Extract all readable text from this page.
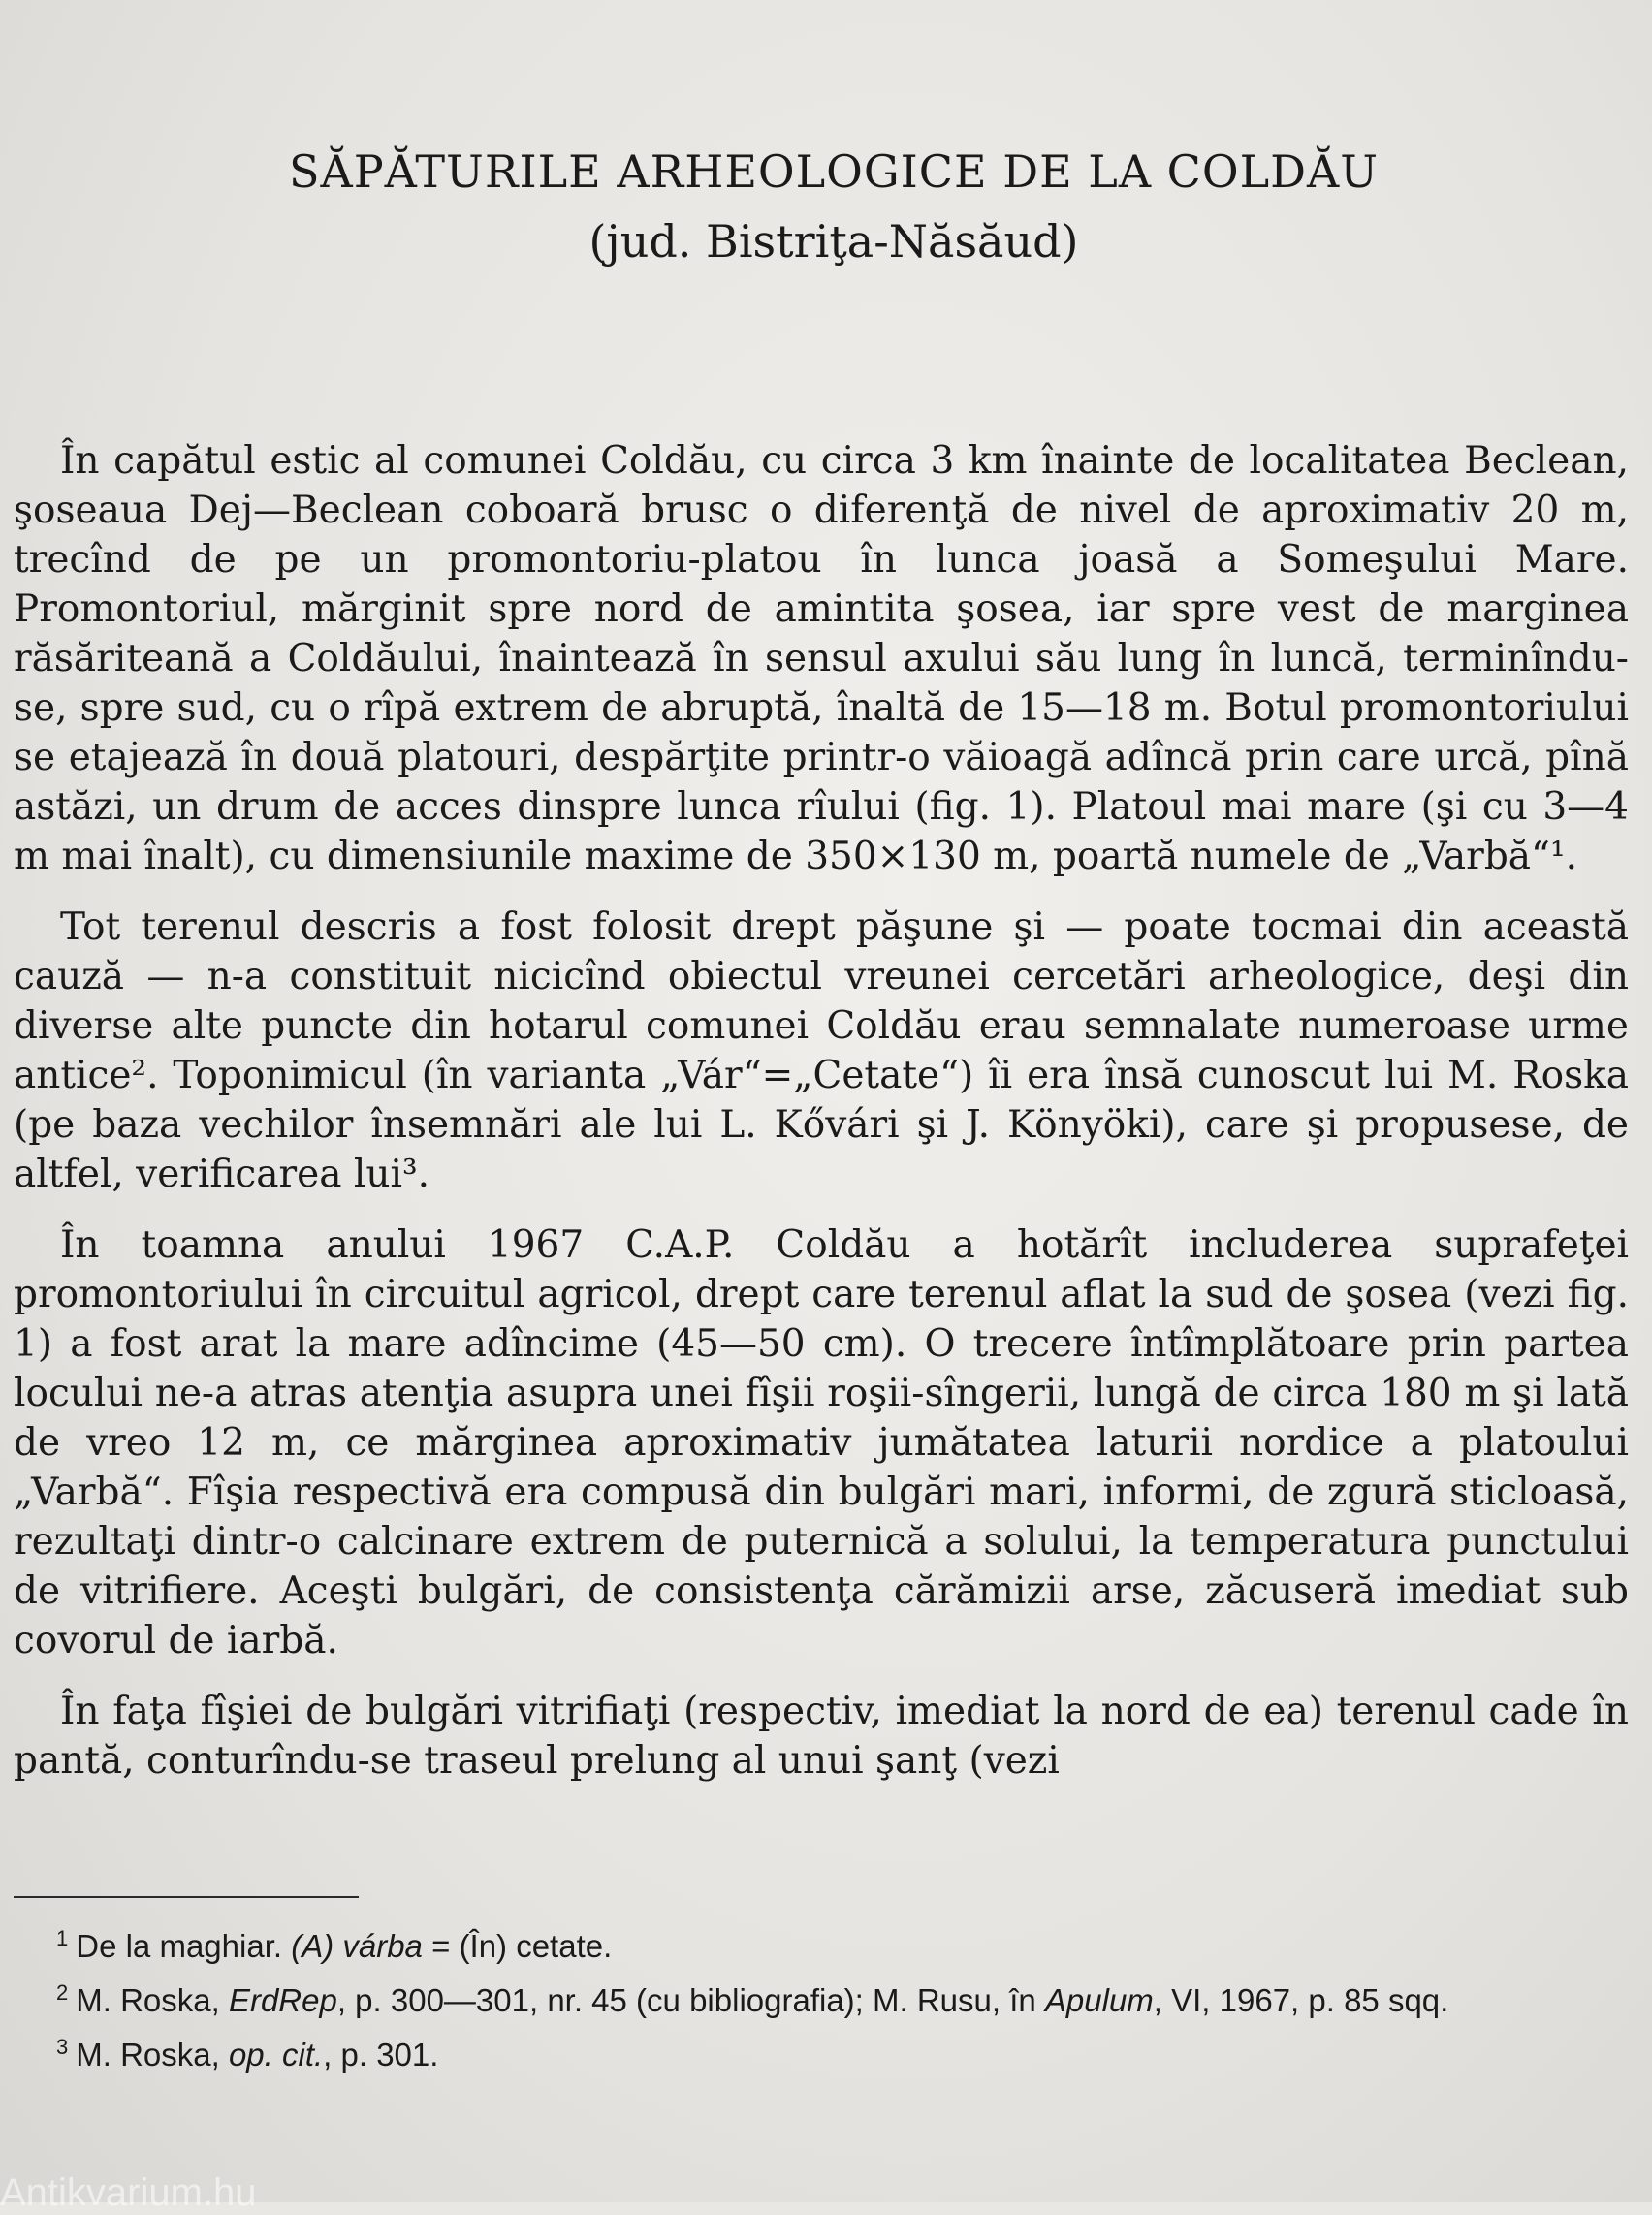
SĂPĂTURILE ARHEOLOGICE DE LA COLDĂU
(jud. Bistriţa-Năsăud)

În capătul estic al comunei Coldău, cu circa 3 km înainte de localitatea Beclean, şoseaua Dej—Beclean coboară brusc o diferenţă de nivel de aproximativ 20 m, trecînd de pe un promontoriu-platou în lunca joasă a Someşului Mare. Promontoriul, mărginit spre nord de amintita şosea, iar spre vest de marginea răsăriteană a Coldăului, înaintează în sensul axului său lung în luncă, terminîndu-se, spre sud, cu o rîpă extrem de abruptă, înaltă de 15—18 m. Botul promontoriului se etajează în două platouri, despărţite printr-o văioagă adîncă prin care urcă, pînă astăzi, un drum de acces dinspre lunca rîului (fig. 1). Platoul mai mare (şi cu 3—4 m mai înalt), cu dimensiunile maxime de 350×130 m, poartă numele de „Varbă“¹.

Tot terenul descris a fost folosit drept păşune şi — poate tocmai din această cauză — n-a constituit nicicînd obiectul vreunei cercetări arheologice, deşi din diverse alte puncte din hotarul comunei Coldău erau semnalate numeroase urme antice². Toponimicul (în varianta „Vár“=„Cetate“) îi era însă cunoscut lui M. Roska (pe baza vechilor însemnări ale lui L. Kővári şi J. Könyöki), care şi propusese, de altfel, verificarea lui³.

În toamna anului 1967 C.A.P. Coldău a hotărît includerea suprafeţei promontoriului în circuitul agricol, drept care terenul aflat la sud de şosea (vezi fig. 1) a fost arat la mare adîncime (45—50 cm). O trecere întîmplătoare prin partea locului ne-a atras atenţia asupra unei fîşii roşii-sîngerii, lungă de circa 180 m şi lată de vreo 12 m, ce mărginea aproximativ jumătatea laturii nordice a platoului „Varbă“. Fîşia respectivă era compusă din bulgări mari, informi, de zgură sticloasă, rezultaţi dintr-o calcinare extrem de puternică a solului, la temperatura punctului de vitrifiere. Aceşti bulgări, de consistenţa cărămizii arse, zăcuseră imediat sub covorul de iarbă.

În faţa fîşiei de bulgări vitrifiaţi (respectiv, imediat la nord de ea) terenul cade în pantă, conturîndu-se traseul prelung al unui şanţ (vezi

$^1$ De la maghiar. (A) várba = (În) cetate.

$^2$ M. Roska, ErdRep, p. 300—301, nr. 45 (cu bibliografia); M. Rusu, în Apulum, VI, 1967, p. 85 sqq.

$^3$ M. Roska, op. cit., p. 301.

Antikvarium.hu
